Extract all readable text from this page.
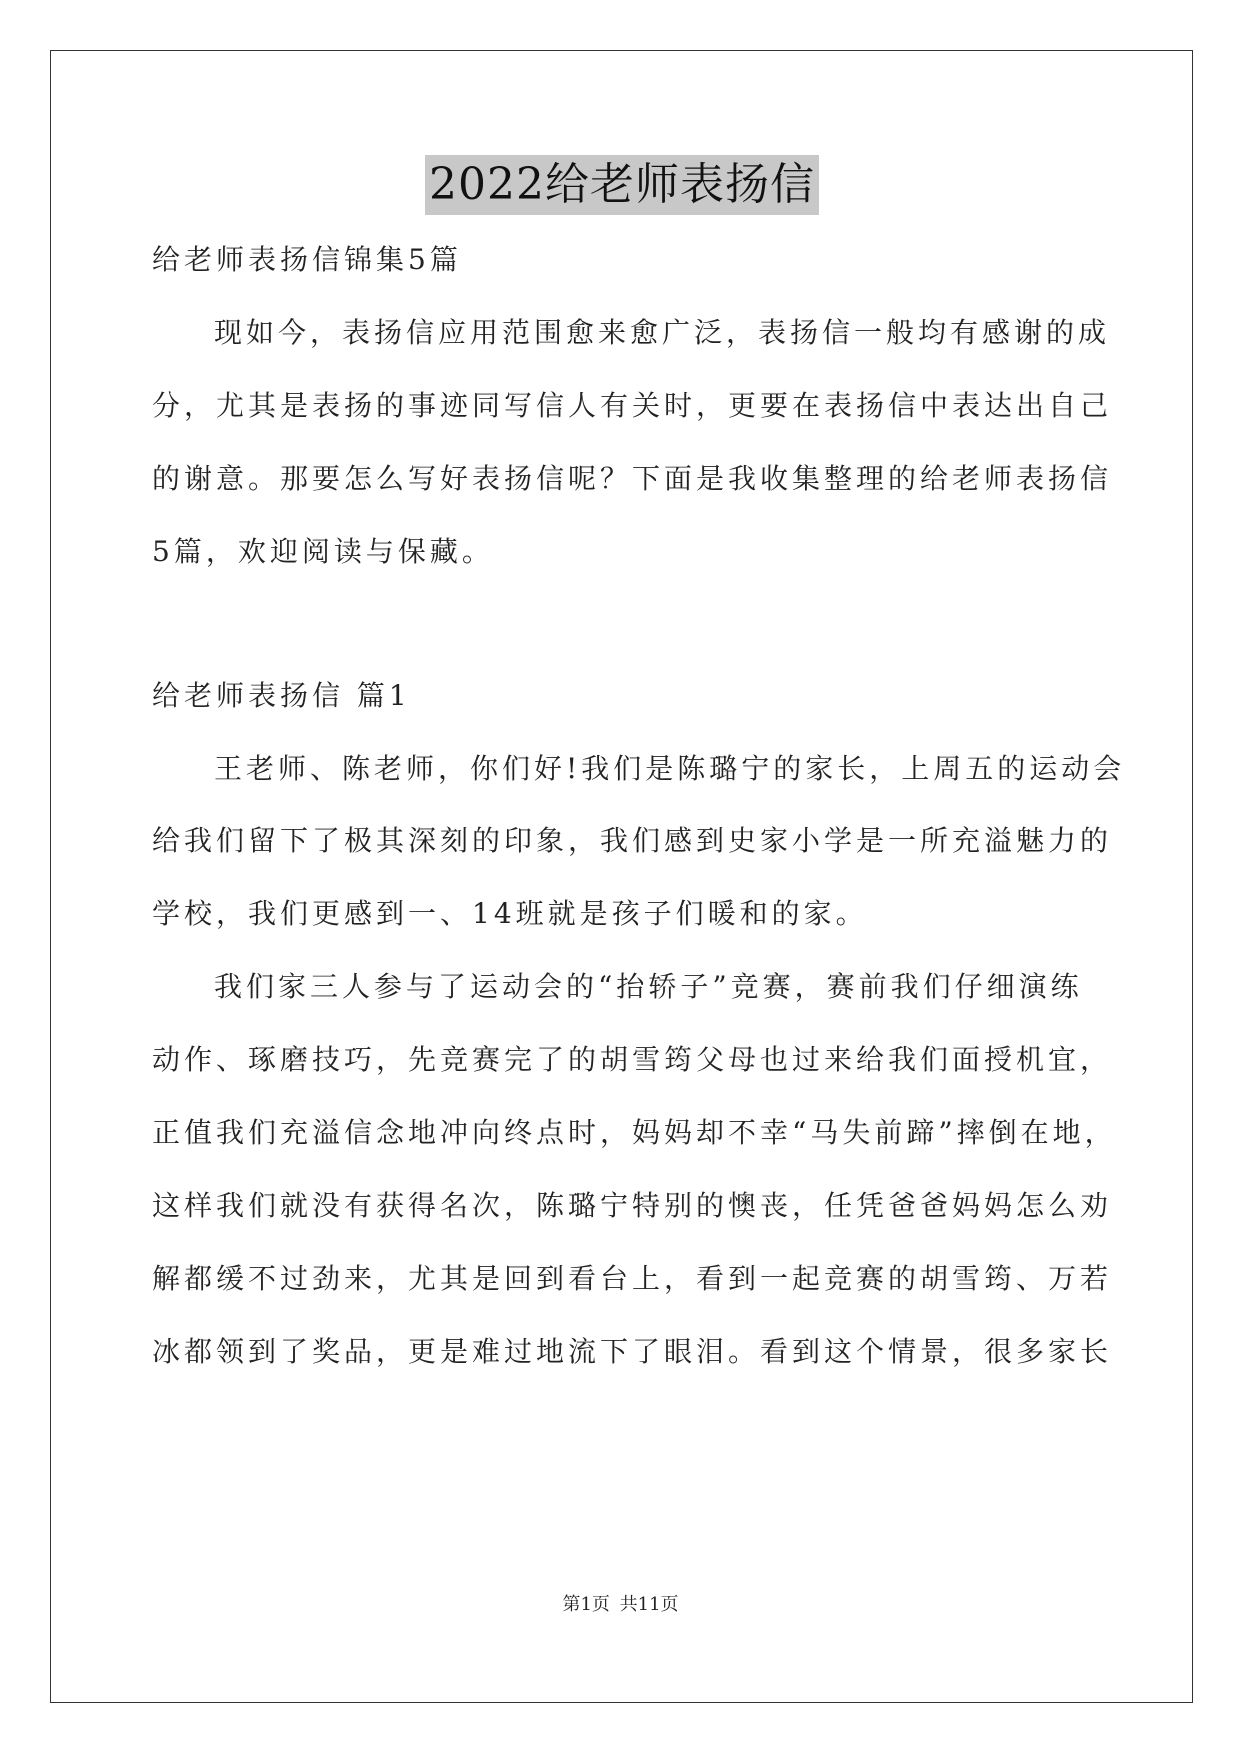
2022给老师表扬信
给老师表扬信锦集5篇
现如今，表扬信应用范围愈来愈广泛，表扬信一般均有感谢的成
分，尤其是表扬的事迹同写信人有关时，更要在表扬信中表达出自己
的谢意。那要怎么写好表扬信呢？下面是我收集整理的给老师表扬信
5篇，欢迎阅读与保藏。
给老师表扬信 篇1
王老师、陈老师，你们好!我们是陈璐宁的家长，上周五的运动会
给我们留下了极其深刻的印象，我们感到史家小学是一所充溢魅力的
学校，我们更感到一、14班就是孩子们暖和的家。
我们家三人参与了运动会的“抬轿子”竞赛，赛前我们仔细演练
动作、琢磨技巧，先竞赛完了的胡雪筠父母也过来给我们面授机宜，
正值我们充溢信念地冲向终点时，妈妈却不幸“马失前蹄”摔倒在地，
这样我们就没有获得名次，陈璐宁特别的懊丧，任凭爸爸妈妈怎么劝
解都缓不过劲来，尤其是回到看台上，看到一起竞赛的胡雪筠、万若
冰都领到了奖品，更是难过地流下了眼泪。看到这个情景，很多家长
第1页 共11页
